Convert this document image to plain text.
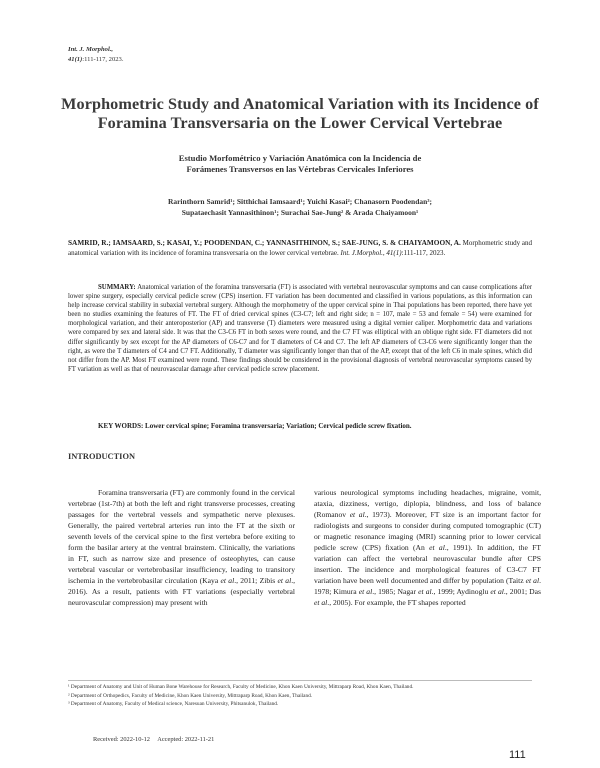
Int. J. Morphol.,
41(1):111-117, 2023.
Morphometric Study and Anatomical Variation with its Incidence of Foramina Transversaria on the Lower Cervical Vertebrae
Estudio Morfométrico y Variación Anatómica con la Incidencia de
Forámenes Transversos en las Vértebras Cervicales Inferiores
Rarinthorn Samrid¹; Sitthichai Iamsaard¹; Yuichi Kasai²; Chanasorn Poodendan³;
Supataechasit Yannasithinon¹; Surachai Sae-Jung² & Arada Chaiyamoon¹
SAMRID, R.; IAMSAARD, S.; KASAI, Y.; POODENDAN, C.; YANNASITHINON, S.; SAE-JUNG, S. & CHAIYAMOON, A. Morphometric study and anatomical variation with its incidence of foramina transversaria on the lower cervical vertebrae. Int. J.Morphol., 41(1):111-117, 2023.
SUMMARY: Anatomical variation of the foramina transversaria (FT) is associated with vertebral neurovascular symptoms and can cause complications after lower spine surgery, especially cervical pedicle screw (CPS) insertion. FT variation has been documented and classified in various populations, as this information can help increase cervical stability in subaxial vertebral surgery. Although the morphometry of the upper cervical spine in Thai populations has been reported, there have yet been no studies examining the features of FT. The FT of dried cervical spines (C3-C7; left and right side; n = 107, male = 53 and female = 54) were examined for morphological variation, and their anteroposterior (AP) and transverse (T) diameters were measured using a digital vernier caliper. Morphometric data and variations were compared by sex and lateral side. It was that the C3-C6 FT in both sexes were round, and the C7 FT was elliptical with an oblique right side. FT diameters did not differ significantly by sex except for the AP diameters of C6-C7 and for T diameters of C4 and C7. The left AP diameters of C3-C6 were significantly longer than the right, as were the T diameters of C4 and C7 FT. Additionally, T diameter was significantly longer than that of the AP, except that of the left C6 in male spines, which did not differ from the AP. Most FT examined were round. These findings should be considered in the provisional diagnosis of vertebral neurovascular symptoms caused by FT variation as well as that of neurovascular damage after cervical pedicle screw placement.
KEY WORDS: Lower cervical spine; Foramina transversaria; Variation; Cervical pedicle screw fixation.
INTRODUCTION
Foramina transversaria (FT) are commonly found in the cervical vertebrae (1st-7th) at both the left and right transverse processes, creating passages for the vertebral vessels and sympathetic nerve plexuses. Generally, the paired vertebral arteries run into the FT at the sixth or seventh levels of the cervical spine to the first vertebra before exiting to form the basilar artery at the ventral brainstem. Clinically, the variations in FT, such as narrow size and presence of osteophytes, can cause vertebral vascular or vertebrobasilar insufficiency, leading to transitory ischemia in the vertebrobasilar circulation (Kaya et al., 2011; Zibis et al., 2016). As a result, patients with FT variations (especially vertebral neurovascular compression) may present with
various neurological symptoms including headaches, migraine, vomit, ataxia, dizziness, vertigo, diplopia, blindness, and loss of balance (Romanov et al., 1973). Moreover, FT size is an important factor for radiologists and surgeons to consider during computed tomographic (CT) or magnetic resonance imaging (MRI) scanning prior to lower cervical pedicle screw (CPS) fixation (An et al., 1991). In addition, the FT variation can affect the vertebral neurovascular bundle after CPS insertion. The incidence and morphological features of C3-C7 FT variation have been well documented and differ by population (Taitz et al. 1978; Kimura et al., 1985; Nagar et al., 1999; Aydinoglu et al., 2001; Das et al., 2005). For example, the FT shapes reported

¹ Department of Anatomy and Unit of Human Bone Warehouse for Research, Faculty of Medicine, Khon Kaen University, Mittraparp Road, Khon Kaen, Thailand.

² Department of Orthopedics, Faculty of Medicine, Khon Kaen University, Mittraparp Road, Khon Kaen, Thailand.

³ Department of Anatomy, Faculty of Medical science, Naresuan University, Phitsanulok, Thailand.

Received: 2022-10-12 Accepted: 2022-11-21
111
